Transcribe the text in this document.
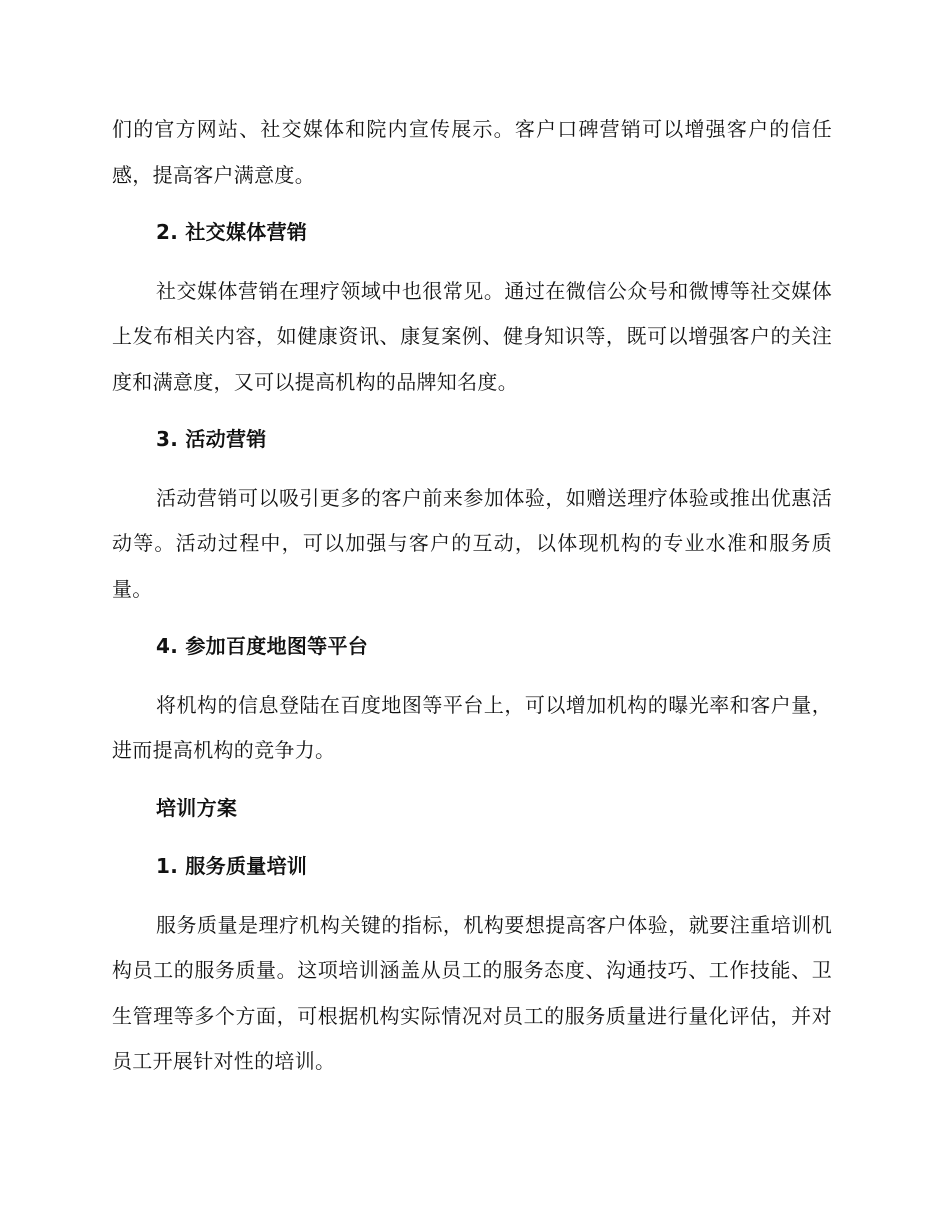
们的官方网站、社交媒体和院内宣传展示。客户口碑营销可以增强客户的信任感，提高客户满意度。

2. 社交媒体营销

社交媒体营销在理疗领域中也很常见。通过在微信公众号和微博等社交媒体上发布相关内容，如健康资讯、康复案例、健身知识等，既可以增强客户的关注度和满意度，又可以提高机构的品牌知名度。

3. 活动营销

活动营销可以吸引更多的客户前来参加体验，如赠送理疗体验或推出优惠活动等。活动过程中，可以加强与客户的互动，以体现机构的专业水准和服务质量。

4. 参加百度地图等平台

将机构的信息登陆在百度地图等平台上，可以增加机构的曝光率和客户量，进而提高机构的竞争力。

培训方案
1. 服务质量培训

服务质量是理疗机构关键的指标，机构要想提高客户体验，就要注重培训机构员工的服务质量。这项培训涵盖从员工的服务态度、沟通技巧、工作技能、卫生管理等多个方面，可根据机构实际情况对员工的服务质量进行量化评估，并对员工开展针对性的培训。
